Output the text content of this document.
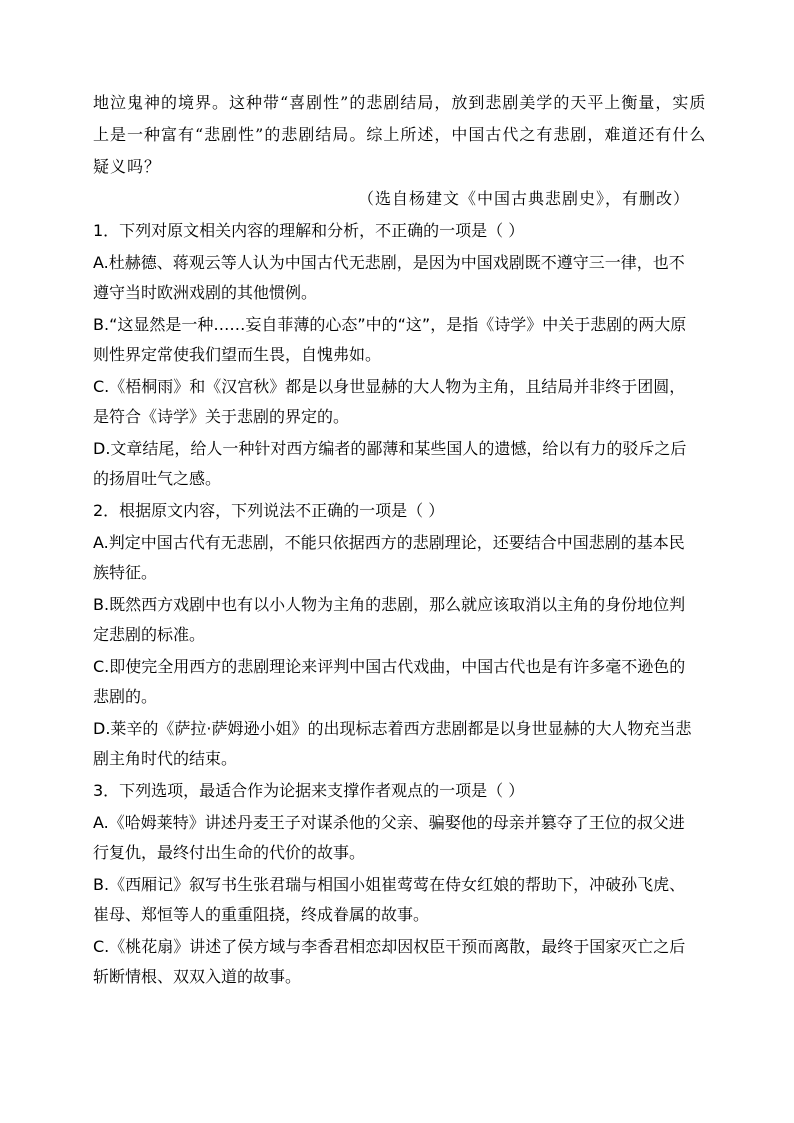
地泣鬼神的境界。这种带“喜剧性”的悲剧结局，放到悲剧美学的天平上衡量，实质
上是一种富有“悲剧性”的悲剧结局。综上所述，中国古代之有悲剧，难道还有什么
疑义吗？
（选自杨建文《中国古典悲剧史》，有删改）
1．下列对原文相关内容的理解和分析，不正确的一项是（ ）
A.杜赫德、蒋观云等人认为中国古代无悲剧，是因为中国戏剧既不遵守三一律，也不
遵守当时欧洲戏剧的其他惯例。
B.“这显然是一种……妄自菲薄的心态”中的“这”，是指《诗学》中关于悲剧的两大原
则性界定常使我们望而生畏，自愧弗如。
C.《梧桐雨》和《汉宫秋》都是以身世显赫的大人物为主角，且结局并非终于团圆，
是符合《诗学》关于悲剧的界定的。
D.文章结尾，给人一种针对西方编者的鄙薄和某些国人的遗憾，给以有力的驳斥之后
的扬眉吐气之感。
2．根据原文内容，下列说法不正确的一项是（ ）
A.判定中国古代有无悲剧，不能只依据西方的悲剧理论，还要结合中国悲剧的基本民
族特征。
B.既然西方戏剧中也有以小人物为主角的悲剧，那么就应该取消以主角的身份地位判
定悲剧的标准。
C.即使完全用西方的悲剧理论来评判中国古代戏曲，中国古代也是有许多毫不逊色的
悲剧的。
D.莱辛的《萨拉·萨姆逊小姐》的出现标志着西方悲剧都是以身世显赫的大人物充当悲
剧主角时代的结束。
3．下列选项，最适合作为论据来支撑作者观点的一项是（ ）
A.《哈姆莱特》讲述丹麦王子对谋杀他的父亲、骗娶他的母亲并篡夺了王位的叔父进
行复仇，最终付出生命的代价的故事。
B.《西厢记》叙写书生张君瑞与相国小姐崔莺莺在侍女红娘的帮助下，冲破孙飞虎、
崔母、郑恒等人的重重阻挠，终成眷属的故事。
C.《桃花扇》讲述了侯方域与李香君相恋却因权臣干预而离散，最终于国家灭亡之后
斩断情根、双双入道的故事。
